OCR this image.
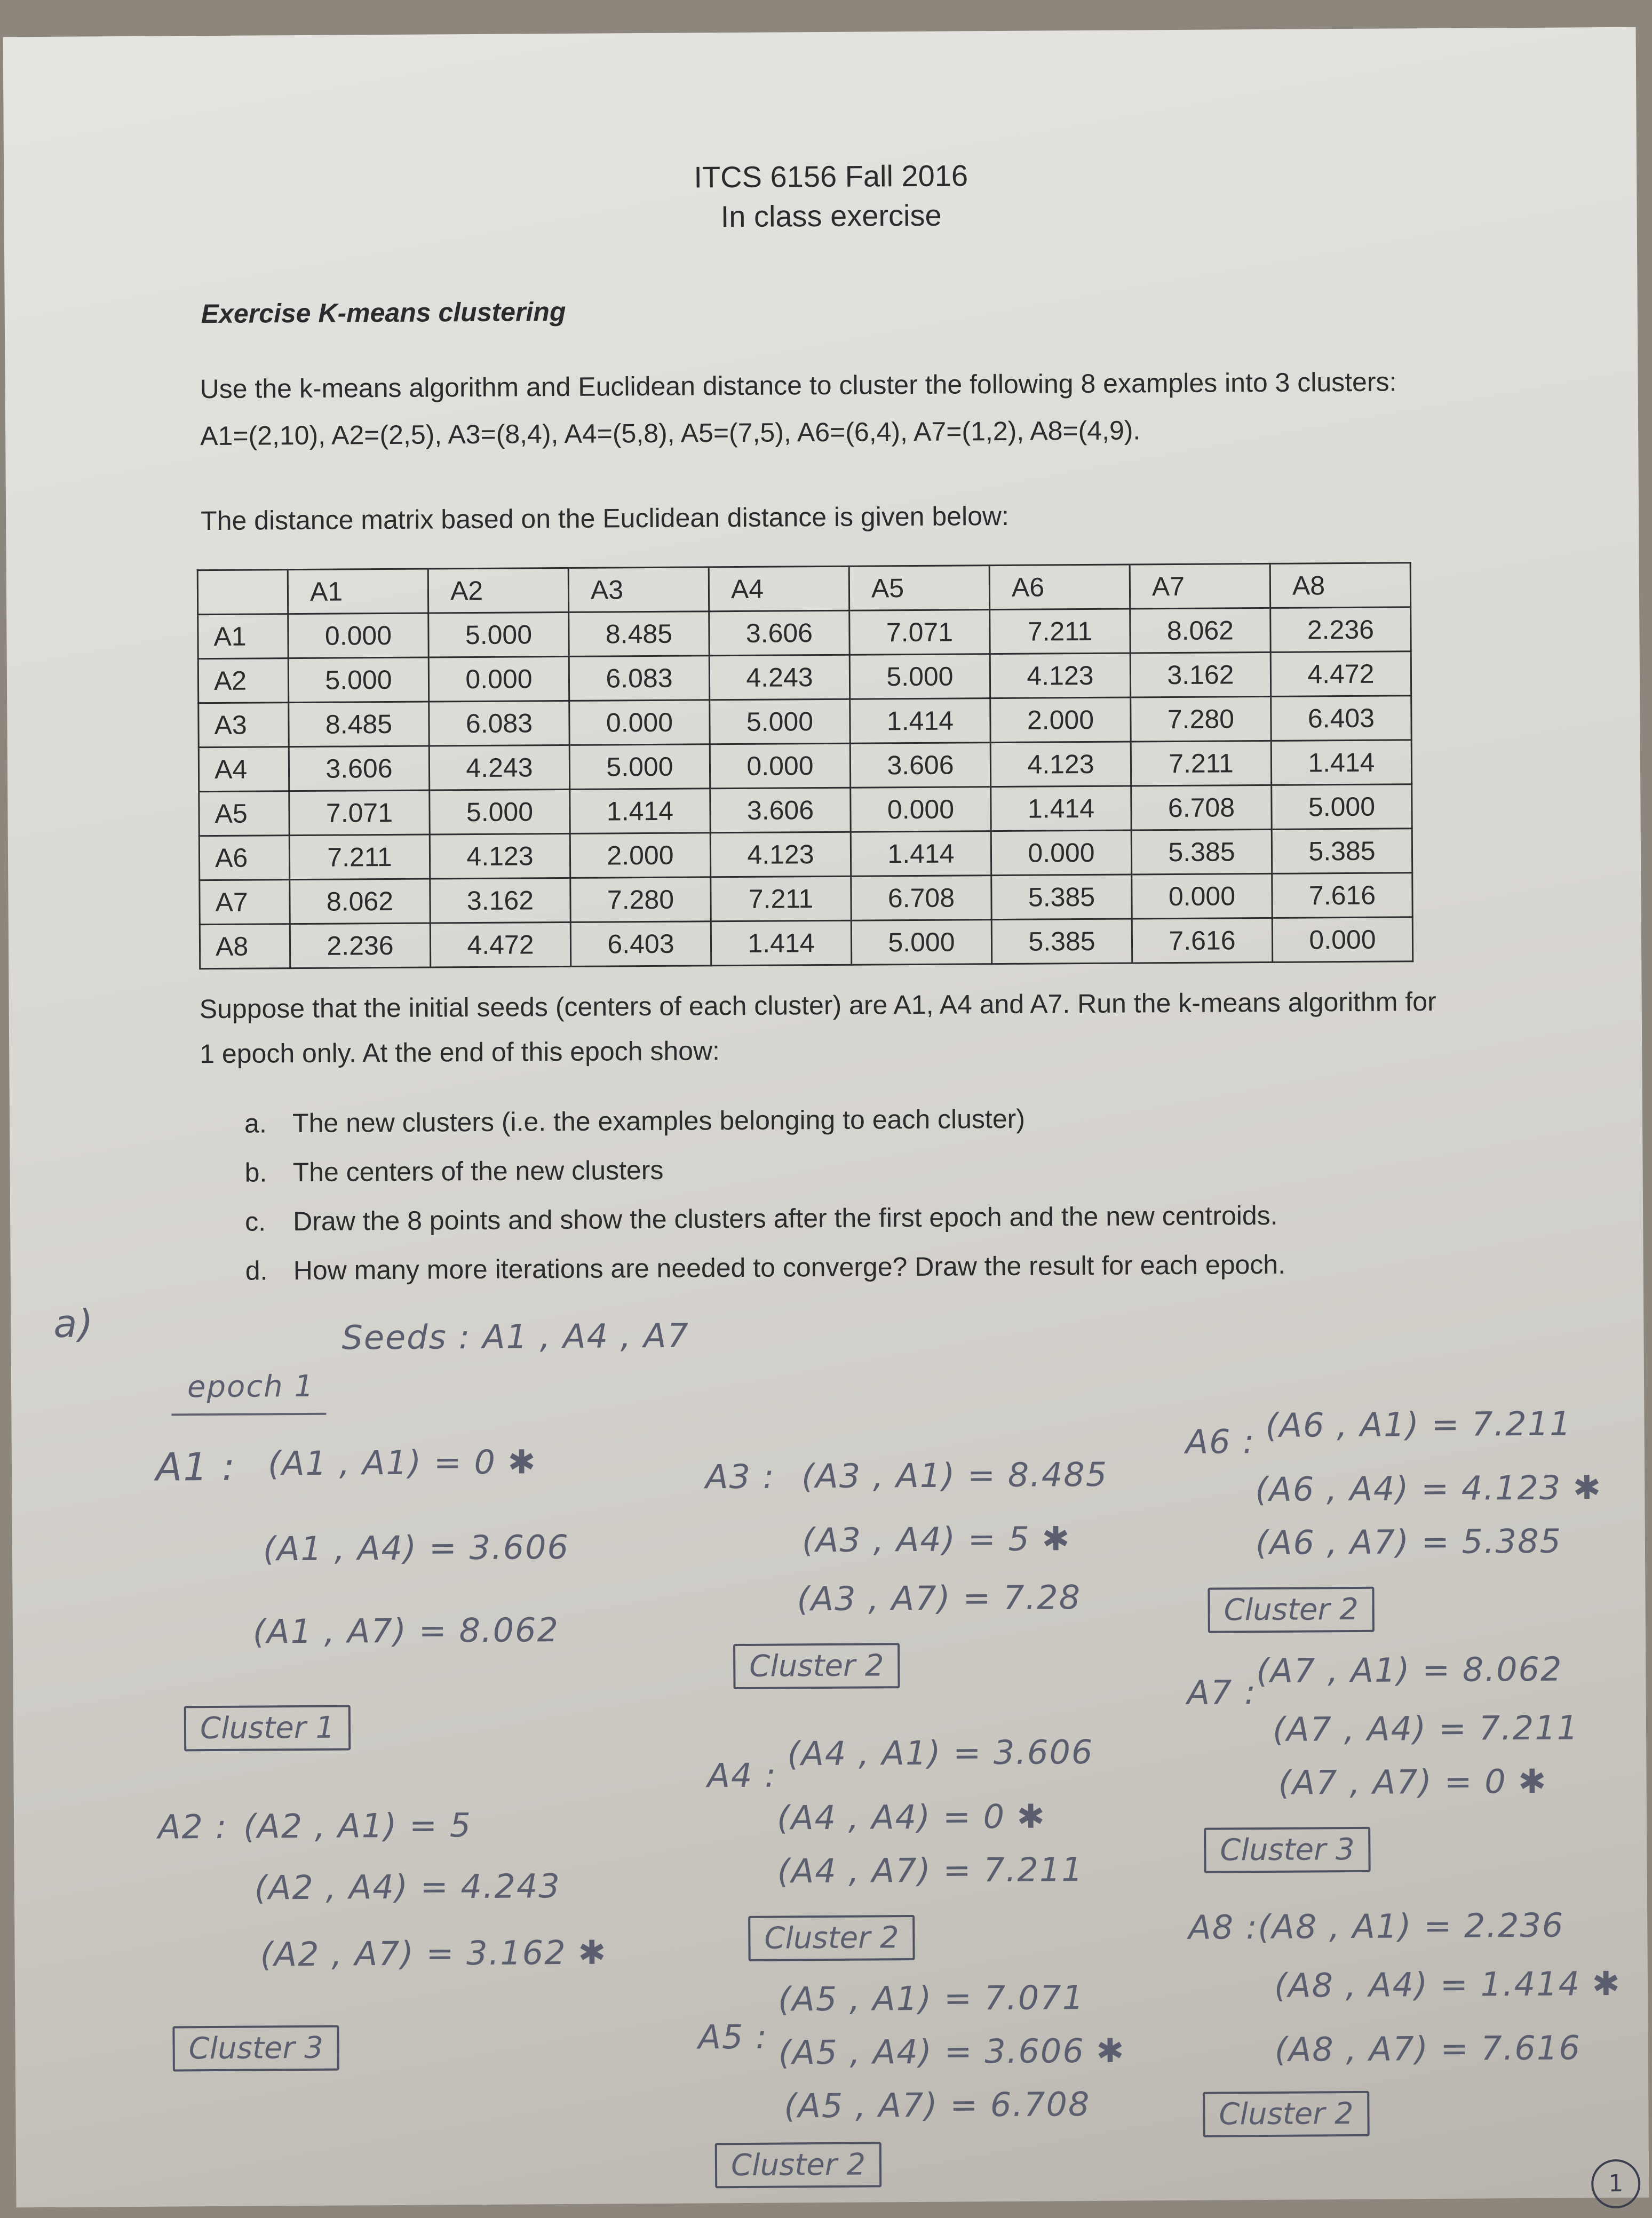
ITCS 6156 Fall 2016
In class exercise
Exercise K-means clustering
Use the k-means algorithm and Euclidean distance to cluster the following 8 examples into 3 clusters: A1=(2,10), A2=(2,5), A3=(8,4), A4=(5,8), A5=(7,5), A6=(6,4), A7=(1,2), A8=(4,9).
The distance matrix based on the Euclidean distance is given below:
	A1	A2	A3	A4	A5	A6	A7	A8
A1	0.000	5.000	8.485	3.606	7.071	7.211	8.062	2.236
A2	5.000	0.000	6.083	4.243	5.000	4.123	3.162	4.472
A3	8.485	6.083	0.000	5.000	1.414	2.000	7.280	6.403
A4	3.606	4.243	5.000	0.000	3.606	4.123	7.211	1.414
A5	7.071	5.000	1.414	3.606	0.000	1.414	6.708	5.000
A6	7.211	4.123	2.000	4.123	1.414	0.000	5.385	5.385
A7	8.062	3.162	7.280	7.211	6.708	5.385	0.000	7.616
A8	2.236	4.472	6.403	1.414	5.000	5.385	7.616	0.000
Suppose that the initial seeds (centers of each cluster) are A1, A4 and A7. Run the k-means algorithm for 1 epoch only. At the end of this epoch show:
a. The new clusters (i.e. the examples belonging to each cluster)
b. The centers of the new clusters
c. Draw the 8 points and show the clusters after the first epoch and the new centroids.
d. How many more iterations are needed to converge? Draw the result for each epoch.
a)	Seeds : A1 , A4 , A7
epoch 1
A1 : (A1 , A1) = 0 ✱
(A1 , A4) = 3.606
(A1 , A7) = 8.062
Cluster 1
A2 : (A2 , A1) = 5
(A2 , A4) = 4.243
(A2 , A7) = 3.162 ✱
Cluster 3
A3 : (A3 , A1) = 8.485
(A3 , A4) = 5 ✱
(A3 , A7) = 7.28
Cluster 2
A4 :
(A4 , A1) = 3.606
(A4 , A4) = 0 ✱
(A4 , A7) = 7.211
Cluster 2
A5 :
(A5 , A1) = 7.071
(A5 , A4) = 3.606 ✱
(A5 , A7) = 6.708
Cluster 2
A6 : (A6 , A1) = 7.211
(A6 , A4) = 4.123 ✱
(A6 , A7) = 5.385
Cluster 2
A7 :
(A7 , A1) = 8.062
(A7 , A4) = 7.211
(A7 , A7) = 0 ✱
Cluster 3
A8 : (A8 , A1) = 2.236
(A8 , A4) = 1.414 ✱
(A8 , A7) = 7.616
Cluster 2
1
